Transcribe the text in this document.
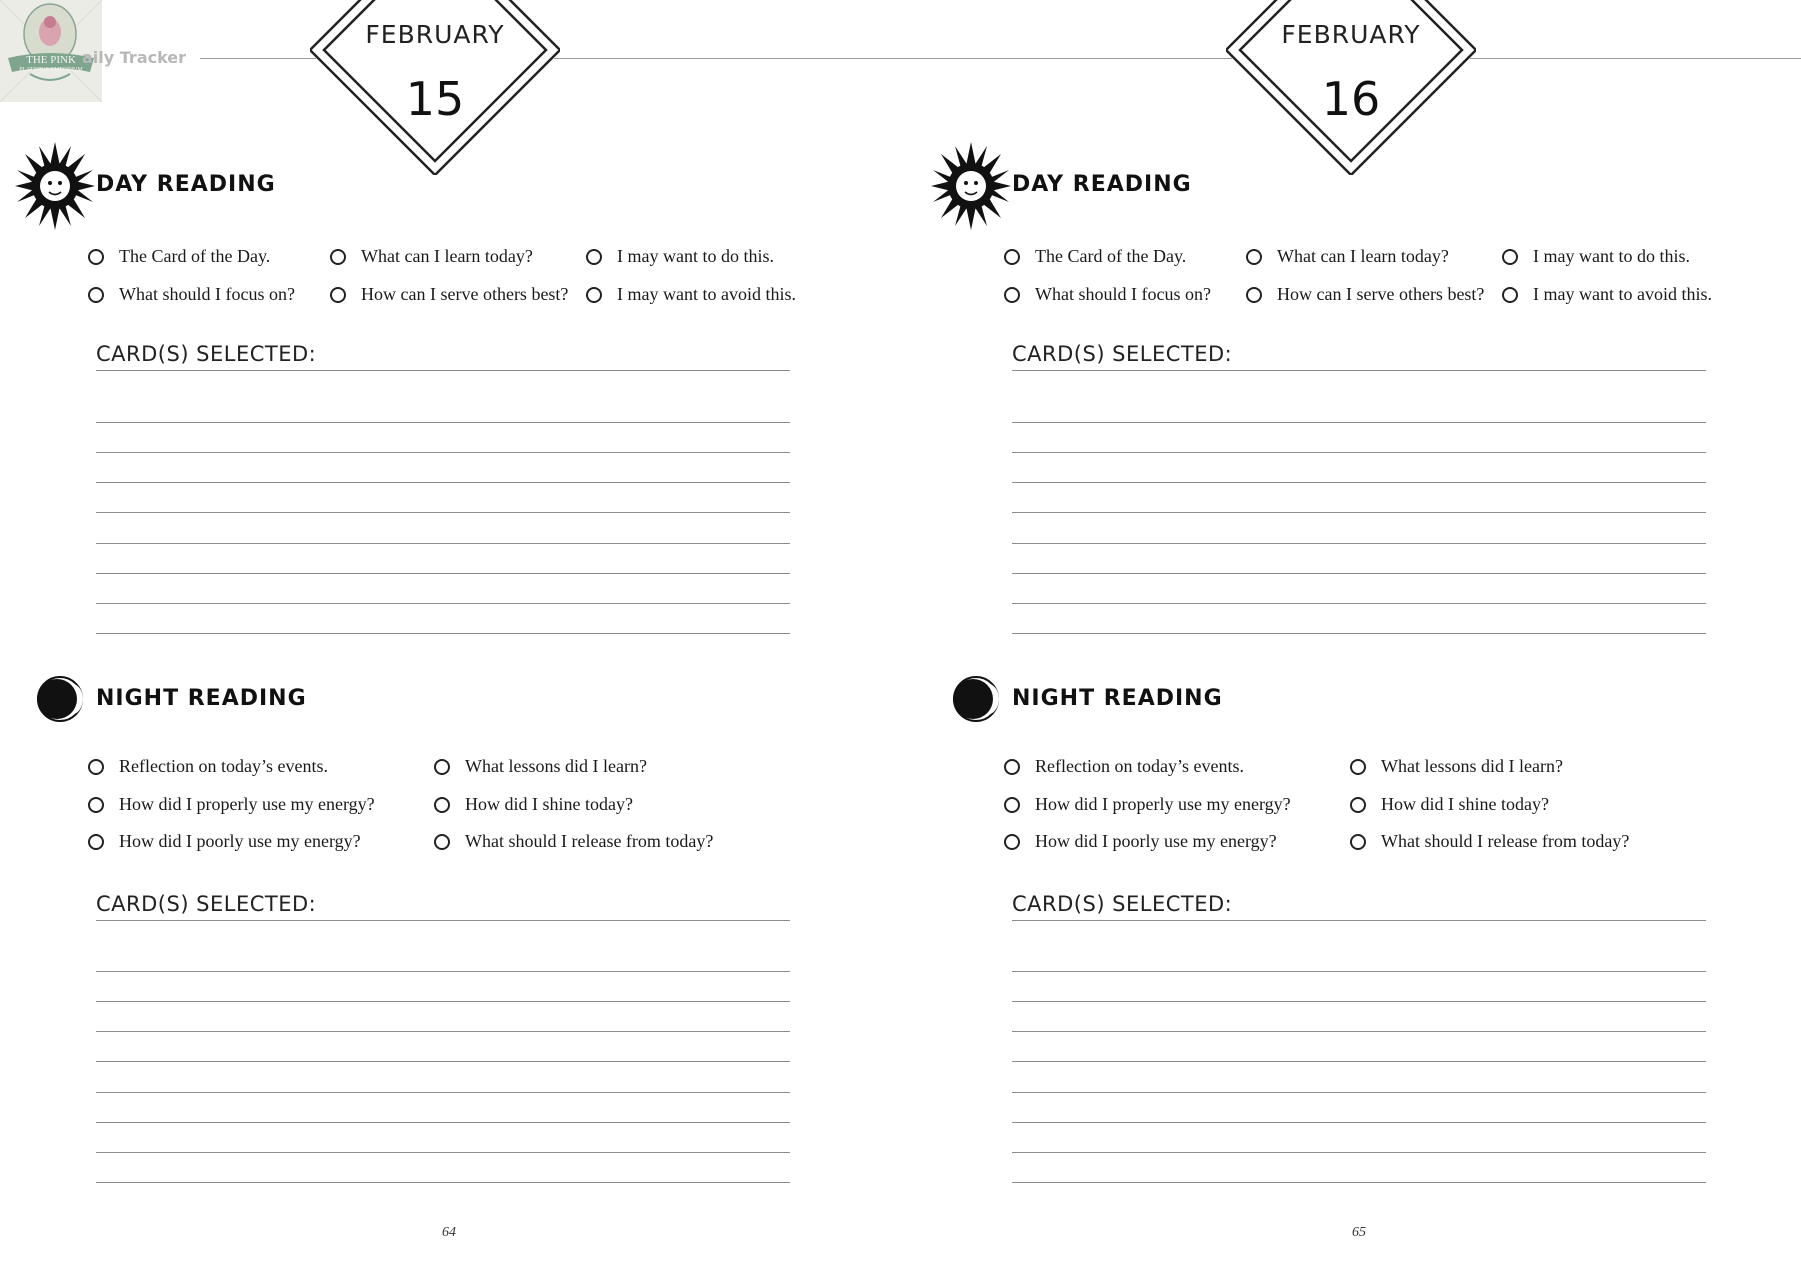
THE PINK
PLATYPUS EMPORIUM
aily Tracker
FEBRUARY
15
DAY READING
The Card of the Day.	What can I learn today?	I may want to do this.
What should I focus on?	How can I serve others best?	I may want to avoid this.
CARD(S) SELECTED:
NIGHT READING
Reflection on today’s events.	What lessons did I learn?
How did I properly use my energy?	How did I shine today?
How did I poorly use my energy?	What should I release from today?
CARD(S) SELECTED:
64
FEBRUARY
16
DAY READING
The Card of the Day.	What can I learn today?	I may want to do this.
What should I focus on?	How can I serve others best?	I may want to avoid this.
CARD(S) SELECTED:
NIGHT READING
Reflection on today’s events.	What lessons did I learn?
How did I properly use my energy?	How did I shine today?
How did I poorly use my energy?	What should I release from today?
CARD(S) SELECTED:
65
